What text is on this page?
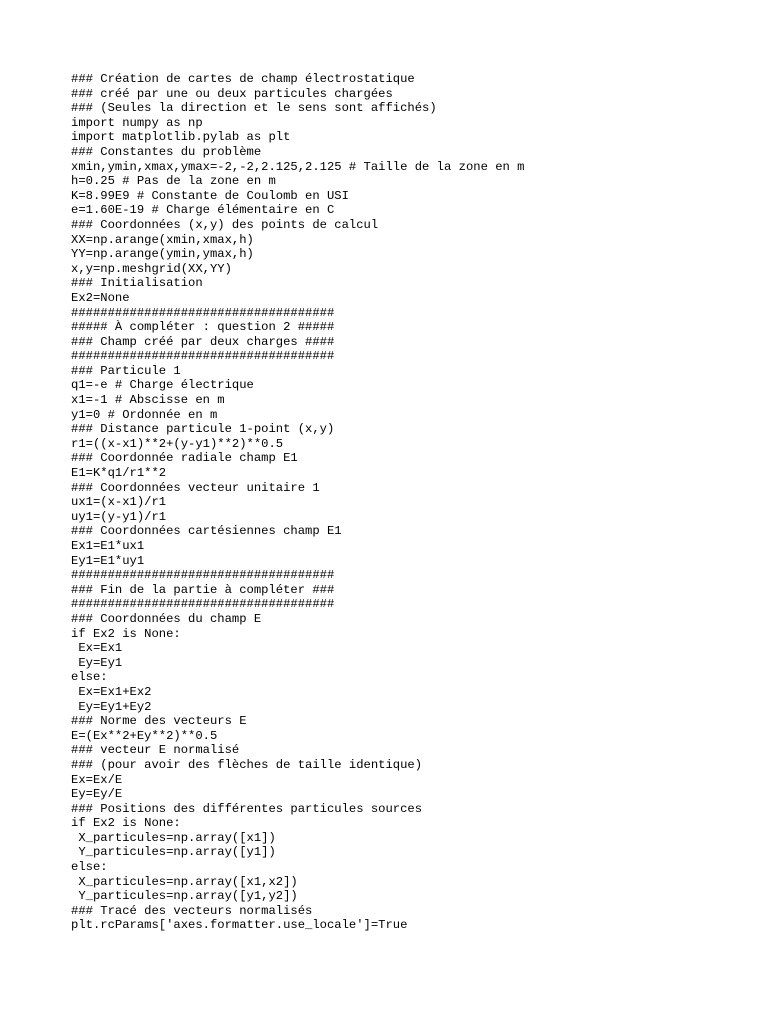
### Création de cartes de champ électrostatique
### créé par une ou deux particules chargées
### (Seules la direction et le sens sont affichés)
import numpy as np
import matplotlib.pylab as plt
### Constantes du problème
xmin,ymin,xmax,ymax=-2,-2,2.125,2.125 # Taille de la zone en m
h=0.25 # Pas de la zone en m
K=8.99E9 # Constante de Coulomb en USI
e=1.60E-19 # Charge élémentaire en C
### Coordonnées (x,y) des points de calcul
XX=np.arange(xmin,xmax,h)
YY=np.arange(ymin,ymax,h)
x,y=np.meshgrid(XX,YY)
### Initialisation
Ex2=None
####################################
##### À compléter : question 2 #####
### Champ créé par deux charges ####
####################################
### Particule 1
q1=-e # Charge électrique
x1=-1 # Abscisse en m
y1=0 # Ordonnée en m
### Distance particule 1-point (x,y)
r1=((x-x1)**2+(y-y1)**2)**0.5
### Coordonnée radiale champ E1
E1=K*q1/r1**2
### Coordonnées vecteur unitaire 1
ux1=(x-x1)/r1
uy1=(y-y1)/r1
### Coordonnées cartésiennes champ E1
Ex1=E1*ux1
Ey1=E1*uy1
####################################
### Fin de la partie à compléter ###
####################################
### Coordonnées du champ E
if Ex2 is None:
Ex=Ex1
Ey=Ey1
else:
Ex=Ex1+Ex2
Ey=Ey1+Ey2
### Norme des vecteurs E
E=(Ex**2+Ey**2)**0.5
### vecteur E normalisé
### (pour avoir des flèches de taille identique)
Ex=Ex/E
Ey=Ey/E
### Positions des différentes particules sources
if Ex2 is None:
X_particules=np.array([x1])
Y_particules=np.array([y1])
else:
X_particules=np.array([x1,x2])
Y_particules=np.array([y1,y2])
### Tracé des vecteurs normalisés
plt.rcParams['axes.formatter.use_locale']=True
